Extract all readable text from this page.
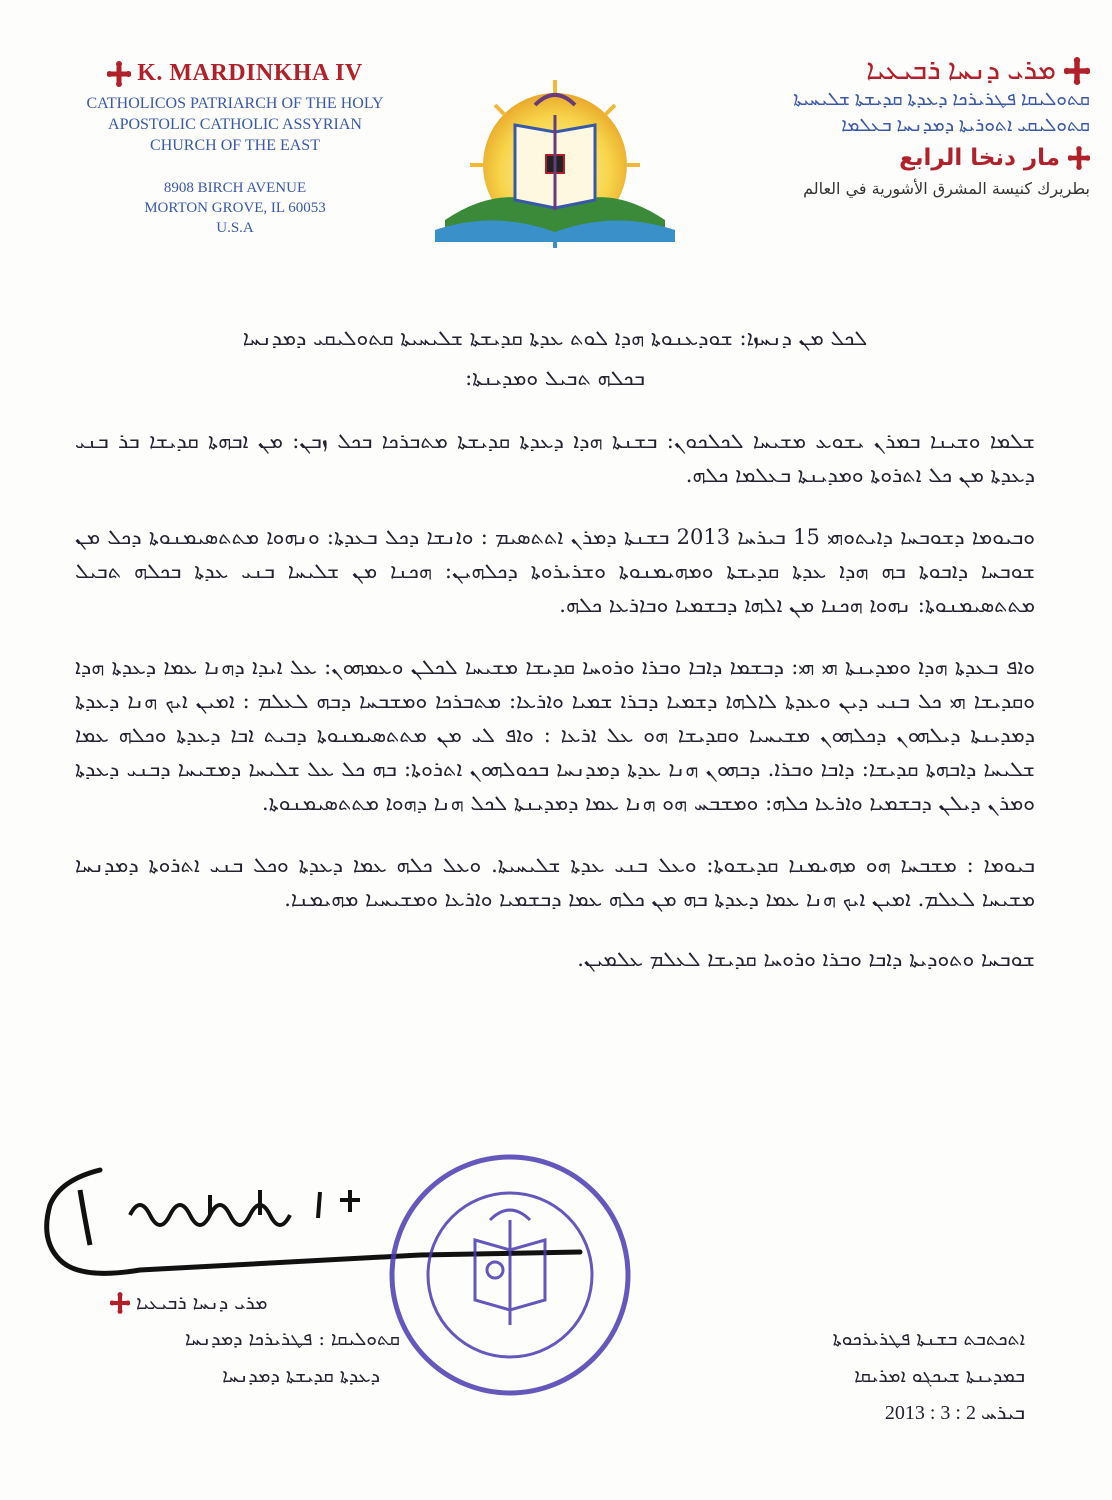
K. MARDINKHA IV
CATHOLICOS PATRIARCH OF THE HOLY
APOSTOLIC CATHOLIC ASSYRIAN
CHURCH OF THE EAST
8908 BIRCH AVENUE
MORTON GROVE, IL 60053
U.S.A
ܡܪܝ ܕܢܚܐ ܪܒܝܥܝܐ
ܩܬܘܠܝܩܐ ܦܛܪܝܪܟܐ ܕܥܕܬܐ ܩܕܝܫܬܐ ܫܠܝܚܝܬܐ
ܩܬܘܠܝܩܝ ܐܬܘܪܝܬܐ ܕܡܕܢܚܐ ܒܥܠܡܐ
مار دنخا الرابع
بطريرك كنيسة المشرق الأشورية في العالم

ܠܟܠ ܡܢ ܕܢܚܙܐ: ܫܘܕܥܢܘܬܐ ܗܕܐ ܠܘܬ ܥܕܬܐ ܩܕܝܫܬܐ ܫܠܝܚܝܬܐ ܩܬܘܠܝܩܝ ܕܡܕܢܚܐ

ܒܟܠܗ ܬܒܝܠ ܘܡܕܝܢܬܐ:

ܫܠܡܐ ܘܫܝܢܐ ܒܡܪܢ ܝܫܘܥ ܡܫܝܚܐ ܠܟܠܟܘܢ: ܒܫܢܬܐ ܗܕܐ ܕܥܕܬܐ ܩܕܝܫܬܐ ܡܬܒܪܟܐ ܒܟܠ ܙܒܢ: ܡܢ ܐܒܗܬܐ ܩܕܝܫܐ ܒܪ ܒܢܝ ܕܥܕܬܐ ܡܢ ܟܠ ܐܬܪܘܬܐ ܘܡܕܝܢܬܐ ܒܥܠܡܐ ܟܠܗ.

ܘܒܝܘܡܐ ܕܫܘܒܚܐ ܕܐܝܬܘܗܝ 15 ܒܝܪܚܐ 2013 ܒܫܢܬܐ ܕܡܪܢ ܐܬܬܣܝܡ : ܘܐܢܫܐ ܕܟܠ ܒܥܕܬܐ: ܘܢܗܘܐ ܡܬܬܣܝܡܢܘܬܐ ܕܟܠ ܡܢ ܫܘܒܚܐ ܕܐܒܘܬܐ ܒܗ ܗܕܐ ܥܕܬܐ ܩܕܝܫܬܐ ܘܡܗܝܡܢܘܬܐ ܘܫܪܝܪܘܬܐ ܕܟܠܗܝܢ: ܗܟܢܐ ܡܢ ܫܠܝܚܐ ܒܢܝ ܥܕܬܐ ܒܟܠܗ ܬܒܝܠ ܡܬܬܣܝܡܢܘܬܐ: ܢܗܘܐ ܗܟܢܐ ܡܢ ܐܠܗܐ ܕܒܫܡܝܐ ܘܒܐܪܥܐ ܟܠܗ.

ܘܐܦ ܒܥܕܬܐ ܗܕܐ ܘܡܕܝܢܬܐ ܗܝ ܗܝ: ܕܒܫܡܐ ܕܐܒܐ ܘܒܪܐ ܘܪܘܚܐ ܩܕܝܫܐ ܡܫܝܚܐ ܠܟܠܢ ܘܥܡܗܘܢ: ܥܠ ܐܝܕܐ ܕܗܢܐ ܥܡܐ ܕܥܕܬܐ ܗܕܐ ܘܩܕܝܫܐ ܗܝ ܟܠ ܒܢܝ ܕܝܢ ܘܥܕܬܐ ܠܐܠܗܐ ܕܫܡܝܐ ܕܒܪܐ ܫܡܝܐ ܘܐܪܥܐ: ܡܬܒܪܟܐ ܘܡܫܒܚܐ ܕܒܗ ܠܥܠܡ : ܐܡܝܢ ܐܝܟ ܗܢܐ ܕܥܕܬܐ ܕܡܕܝܢܬܐ ܕܝܠܗܘܢ ܕܟܠܗܘܢ ܡܫܝܚܝܐ ܘܩܕܝܫܐ ܗܘ ܥܠ ܐܪܥܐ : ܘܐܦ ܠܝ ܡܢ ܡܬܬܣܝܡܢܘܬܐ ܕܒܝܬ ܐܒܐ ܕܥܕܬܐ ܘܟܠܗ ܥܡܐ ܫܠܝܚܐ ܕܐܒܗܬܐ ܩܕܝܫܐ: ܕܐܒܐ ܘܒܪܐ. ܕܒܗܘܢ ܗܢܐ ܥܕܬܐ ܕܡܕܢܚܐ ܒܟܘܠܗܘܢ ܐܬܪܘܬܐ: ܒܗ ܟܠ ܥܠ ܫܠܝܚܐ ܕܡܫܝܚܐ ܕܒܢܝ ܕܥܕܬܐ ܘܡܪܢ ܕܝܠܢ ܕܒܫܡܝܐ ܘܐܪܥܐ ܟܠܗ: ܘܡܫܒܚ ܗܘ ܗܢܐ ܥܡܐ ܕܡܕܝܢܬܐ ܠܟܠ ܗܢܐ ܕܗܘܐ ܡܬܬܣܝܡܢܘܬܐ.

ܒܝܘܡܐ : ܡܫܒܚܐ ܗܘ ܡܗܝܡܢܐ ܩܕܝܫܘܬܐ: ܘܥܠ ܒܢܝ ܥܕܬܐ ܫܠܝܚܝܬܐ. ܘܥܠ ܟܠܗ ܥܡܐ ܕܥܕܬܐ ܘܟܠ ܒܢܝ ܐܬܪܘܬܐ ܕܡܕܢܚܐ ܡܫܝܚܐ ܠܥܠܡ. ܐܡܝܢ ܐܝܟ ܗܢܐ ܥܡܐ ܕܥܕܬܐ ܒܗ ܡܢ ܟܠܗ ܥܡܐ ܕܒܫܡܝܐ ܘܐܪܥܐ ܘܡܫܝܚܝܐ ܡܗܝܡܢܐ.

ܫܘܒܚܐ ܘܬܘܕܝܬܐ ܕܐܒܐ ܘܒܪܐ ܘܪܘܚܐ ܩܕܝܫܐ ܠܥܠܡ ܥܠܡܝܢ.

ܡܪܝ ܕܢܚܐ ܪܒܝܥܝܐ
ܩܬܘܠܝܩܐ : ܦܛܪܝܪܟܐ ܕܡܕܢܚܐ
ܕܥܕܬܐ ܩܕܝܫܬܐ ܕܡܕܢܚܐ
ܐܬܟܬܒܬ ܒܫܢܬܐ ܦܛܪܝܪܟܘܬܐ
ܒܡܕܝܢܬܐ ܫܝܟܓܘ ܐܡܪܝܩܐ
2013 : 3 : 2 ܒܝܪܚ
